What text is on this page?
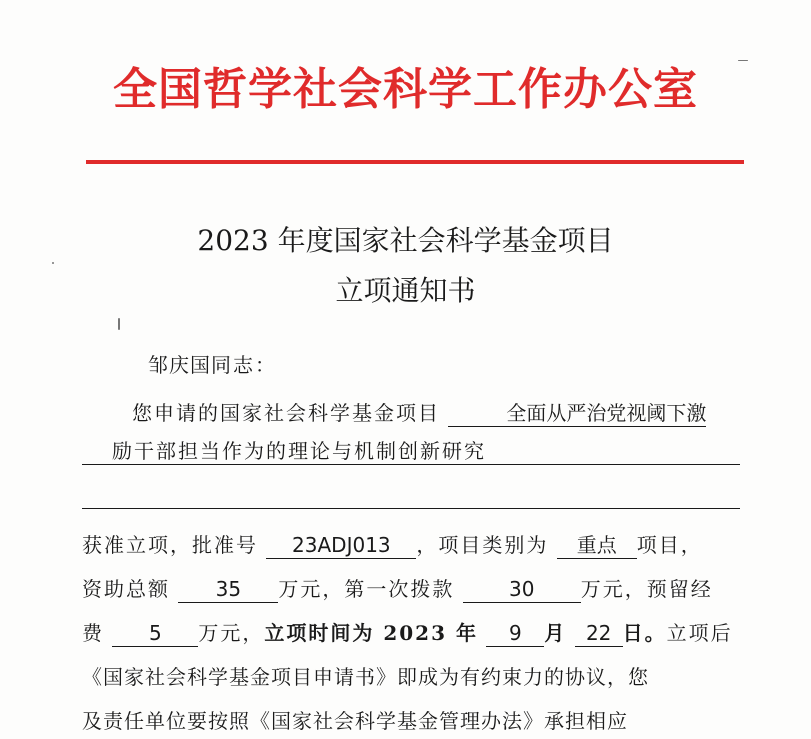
全国哲学社会科学工作办公室
2023 年度国家社会科学基金项目
立项通知书
邹庆国同志：
您申请的国家社会科学基金项目	全面从严治党视阈下激
励干部担当作为的理论与机制创新研究
获准立项，批准号 23ADJ013 ，项目类别为 重点 项目，
资助总额 35 万元，第一次拨款	30 万元，预留经
费 5 万元，立项时间为 2023 年 9 月 22 日。立项后
《国家社会科学基金项目申请书》即成为有约束力的协议，您
及责任单位要按照《国家社会科学基金管理办法》承担相应
